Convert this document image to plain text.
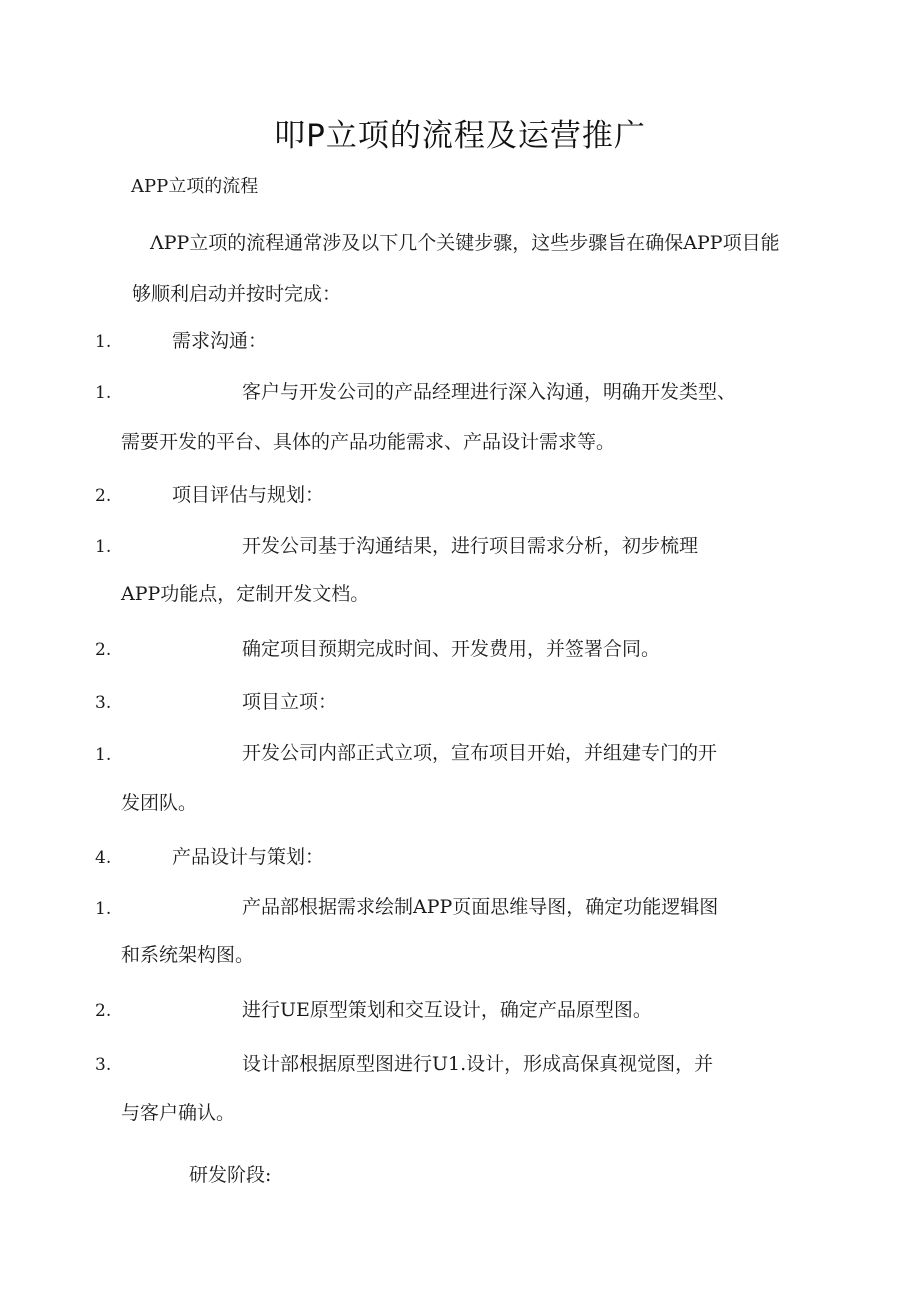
叩P立项的流程及运营推广
APP立项的流程
ΛPP立项的流程通常涉及以下几个关键步骤，这些步骤旨在确保APP项目能
够顺利启动并按时完成：
1.	需求沟通：
1.	客户与开发公司的产品经理进行深入沟通，明确开发类型、
需要开发的平台、具体的产品功能需求、产品设计需求等。
2.	项目评估与规划：
1.	开发公司基于沟通结果，进行项目需求分析，初步梳理
APP功能点，定制开发文档。
2.	确定项目预期完成时间、开发费用，并签署合同。
3.	项目立项：
1.	开发公司内部正式立项，宣布项目开始，并组建专门的开
发团队。
4.	产品设计与策划：
1.	产品部根据需求绘制APP页面思维导图，确定功能逻辑图
和系统架构图。
2.	进行UE原型策划和交互设计，确定产品原型图。
3.	设计部根据原型图进行U1.设计，形成高保真视觉图，并
与客户确认。
研发阶段:
